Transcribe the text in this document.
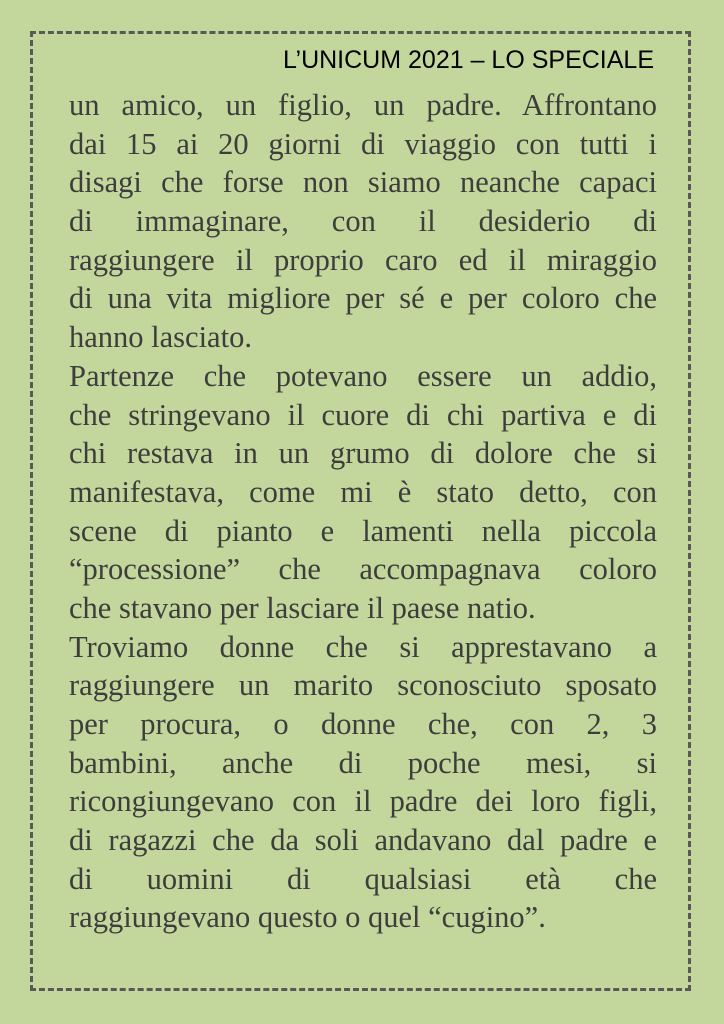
L’UNICUM 2021 – LO SPECIALE
un amico, un figlio, un padre. Affrontano
dai 15 ai 20 giorni di viaggio con tutti i
disagi che forse non siamo neanche capaci
di immaginare, con il desiderio di
raggiungere il proprio caro ed il miraggio
di una vita migliore per sé e per coloro che
hanno lasciato.
Partenze che potevano essere un addio,
che stringevano il cuore di chi partiva e di
chi restava in un grumo di dolore che si
manifestava, come mi è stato detto, con
scene di pianto e lamenti nella piccola
“processione” che accompagnava coloro
che stavano per lasciare il paese natio.
Troviamo donne che si apprestavano a
raggiungere un marito sconosciuto sposato
per procura, o donne che, con 2, 3
bambini, anche di poche mesi, si
ricongiungevano con il padre dei loro figli,
di ragazzi che da soli andavano dal padre e
di uomini di qualsiasi età che
raggiungevano questo o quel “cugino”.
